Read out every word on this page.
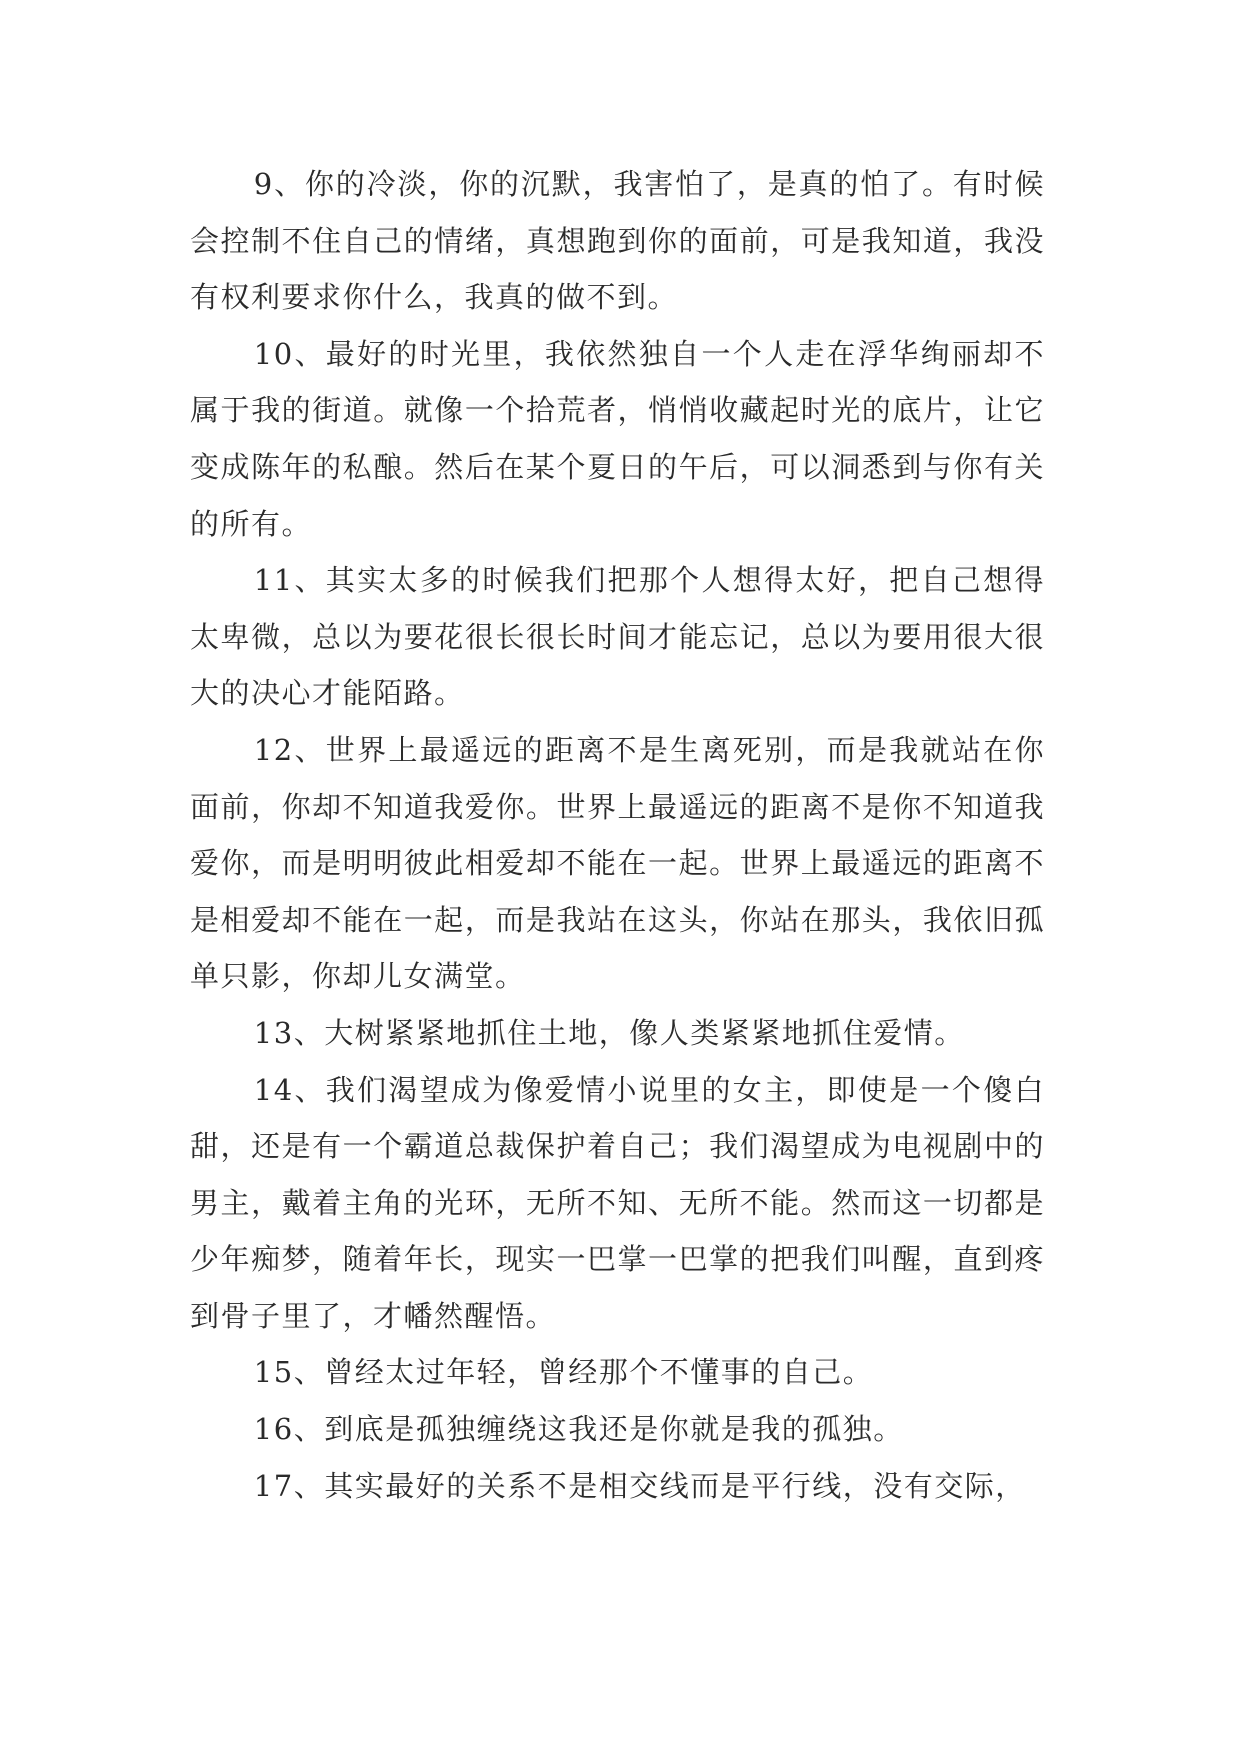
9、你的冷淡，你的沉默，我害怕了，是真的怕了。有时候会控制不住自己的情绪，真想跑到你的面前，可是我知道，我没有权利要求你什么，我真的做不到。

10、最好的时光里，我依然独自一个人走在浮华绚丽却不属于我的街道。就像一个拾荒者，悄悄收藏起时光的底片，让它变成陈年的私酿。然后在某个夏日的午后，可以洞悉到与你有关的所有。

11、其实太多的时候我们把那个人想得太好，把自己想得太卑微，总以为要花很长很长时间才能忘记，总以为要用很大很大的决心才能陌路。

12、世界上最遥远的距离不是生离死别，而是我就站在你面前，你却不知道我爱你。世界上最遥远的距离不是你不知道我爱你，而是明明彼此相爱却不能在一起。世界上最遥远的距离不是相爱却不能在一起，而是我站在这头，你站在那头，我依旧孤单只影，你却儿女满堂。

13、大树紧紧地抓住土地，像人类紧紧地抓住爱情。

14、我们渴望成为像爱情小说里的女主，即使是一个傻白甜，还是有一个霸道总裁保护着自己；我们渴望成为电视剧中的男主，戴着主角的光环，无所不知、无所不能。然而这一切都是少年痴梦，随着年长，现实一巴掌一巴掌的把我们叫醒，直到疼到骨子里了，才幡然醒悟。

15、曾经太过年轻，曾经那个不懂事的自己。

16、到底是孤独缠绕这我还是你就是我的孤独。

17、其实最好的关系不是相交线而是平行线，没有交际，
